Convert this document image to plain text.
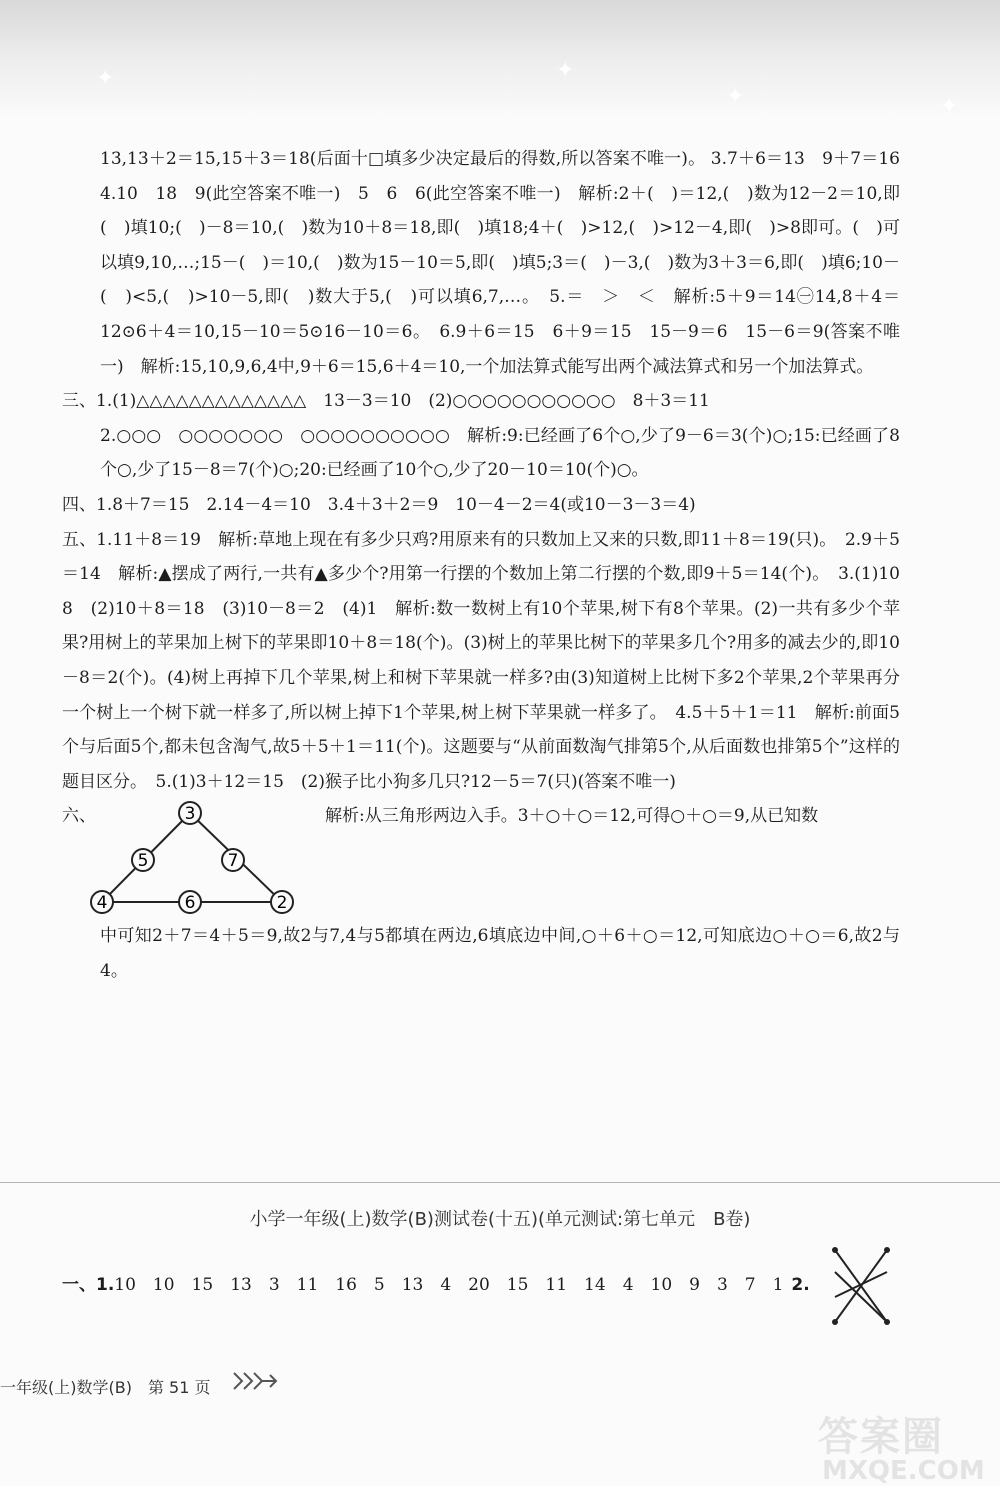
✦	✦
✦	✦

13,13＋2＝15,15＋3＝18(后面十□填多少决定最后的得数,所以答案不唯一)。 3.7＋6＝13　9＋7＝16　4.10　18　9(此空答案不唯一)　5　6　6(此空答案不唯一)　解析:2＋(　)＝12,(　)数为12－2＝10,即(　)填10;(　)－8＝10,(　)数为10＋8＝18,即(　)填18;4＋(　)>12,(　)>12－4,即(　)>8即可。(　)可以填9,10,…;15－(　)＝10,(　)数为15－10＝5,即(　)填5;3＝(　)－3,(　)数为3＋3＝6,即(　)填6;10－(　)<5,(　)>10－5,即(　)数大于5,(　)可以填6,7,…。　5.＝　＞　＜　解析:5＋9＝14㊀14,8＋4＝12⊙6＋4＝10,15－10＝5⊙16－10＝6。　6.9＋6＝15　6＋9＝15　15－9＝6　15－6＝9(答案不唯一)　解析:15,10,9,6,4中,9＋6＝15,6＋4＝10,一个加法算式能写出两个减法算式和另一个加法算式。

三、1.(1)△△△△△△△△△△△△△　13－3＝10　(2)○○○○○○○○○○○　8＋3＝11

2.○○○　○○○○○○○　○○○○○○○○○○　解析:9:已经画了6个○,少了9－6＝3(个)○;15:已经画了8个○,少了15－8＝7(个)○;20:已经画了10个○,少了20－10＝10(个)○。

四、1.8＋7＝15　2.14－4＝10　3.4＋3＋2＝9　10－4－2＝4(或10－3－3＝4)

五、1.11＋8＝19　解析:草地上现在有多少只鸡?用原来有的只数加上又来的只数,即11＋8＝19(只)。　2.9＋5＝14　解析:▲摆成了两行,一共有▲多少个?用第一行摆的个数加上第二行摆的个数,即9＋5＝14(个)。　3.(1)10　8　(2)10＋8＝18　(3)10－8＝2　(4)1　解析:数一数树上有10个苹果,树下有8个苹果。(2)一共有多少个苹果?用树上的苹果加上树下的苹果即10＋8＝18(个)。(3)树上的苹果比树下的苹果多几个?用多的减去少的,即10－8＝2(个)。(4)树上再掉下几个苹果,树上和树下苹果就一样多?由(3)知道树上比树下多2个苹果,2个苹果再分一个树上一个树下就一样多了,所以树上掉下1个苹果,树上树下苹果就一样多了。　4.5＋5＋1＝11　解析:前面5个与后面5个,都未包含淘气,故5＋5＋1＝11(个)。这题要与“从前面数淘气排第5个,从后面数也排第5个”这样的题目区分。　5.(1)3＋12＝15　(2)猴子比小狗多几只?12－5＝7(只)(答案不唯一)

六、	3
5	7
4	6	2
解析:从三角形两边入手。3＋○＋○＝12,可得○＋○＝9,从已知数

中可知2＋7＝4＋5＝9,故2与7,4与5都填在两边,6填底边中间,○＋6＋○＝12,可知底边○＋○＝6,故2与4。

小学一年级(上)数学(B)测试卷(十五)(单元测试:第七单元　B卷)
一、1.10　10　15　13　3　11　16　5　13　4　20　15　11　14　4　10　9　3　7　1 2.
一年级(上)数学(B)　第 51 页
答案圈
MXQE.COM
